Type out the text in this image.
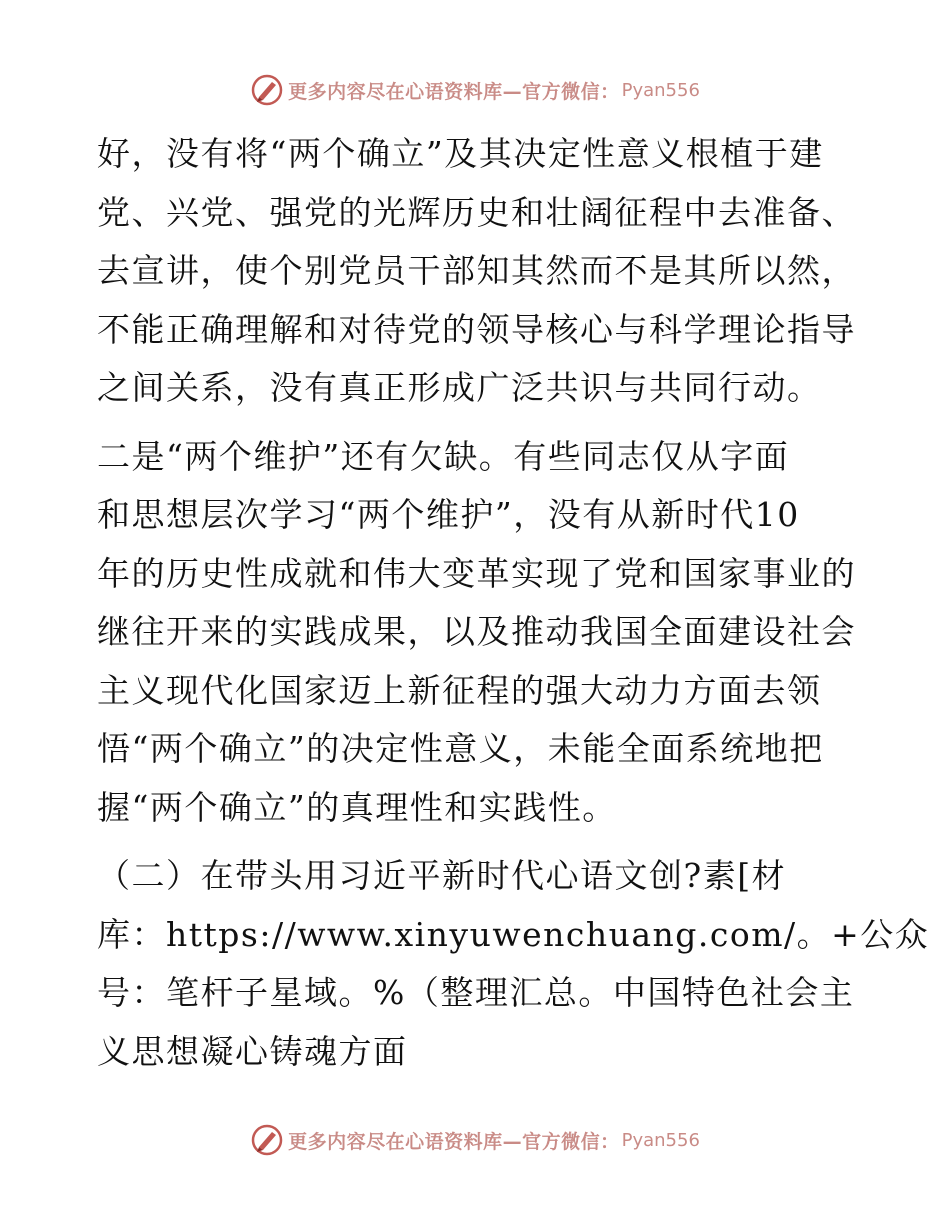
更多内容尽在心语资料库—官方微信： Pyan556
好，没有将“两个确立”及其决定性意义根植于建
党、兴党、强党的光辉历史和壮阔征程中去准备、
去宣讲，使个别党员干部知其然而不是其所以然，
不能正确理解和对待党的领导核心与科学理论指导
之间关系，没有真正形成广泛共识与共同行动。
二是“两个维护”还有欠缺。有些同志仅从字面
和思想层次学习“两个维护”，没有从新时代10
年的历史性成就和伟大变革实现了党和国家事业的
继往开来的实践成果，以及推动我国全面建设社会
主义现代化国家迈上新征程的强大动力方面去领
悟“两个确立”的决定性意义，未能全面系统地把
握“两个确立”的真理性和实践性。
（二）在带头用习近平新时代心语文创?素[材
库：https://www.xinyuwenchuang.com/。+公众
号：笔杆子星域。%（整理汇总。中国特色社会主
义思想凝心铸魂方面
更多内容尽在心语资料库—官方微信： Pyan556
